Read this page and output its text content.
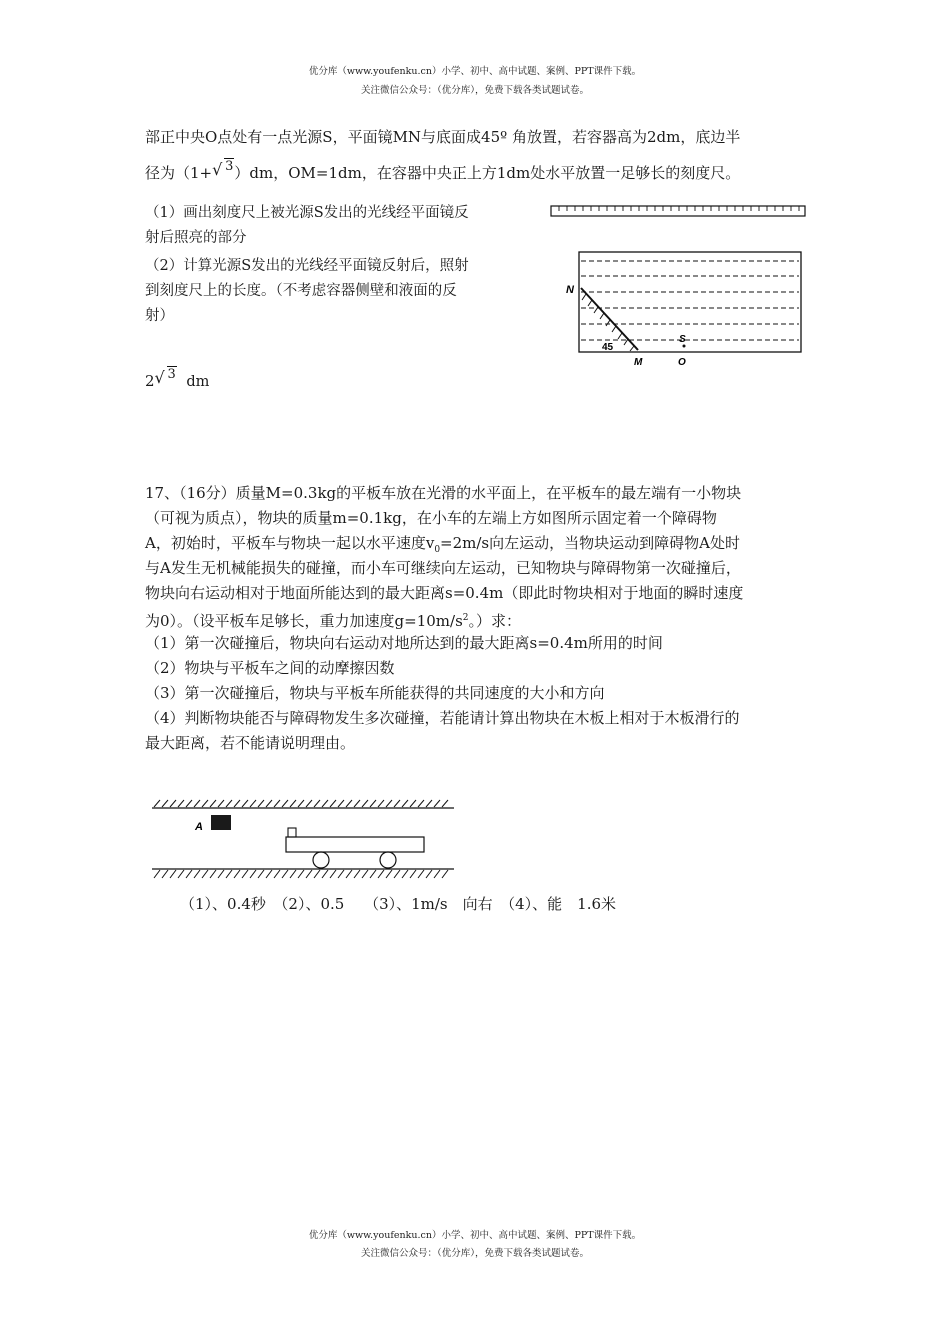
优分库（www.youfenku.cn）小学、初中、高中试题、案例、PPT课件下载。
关注微信公众号：（优分库），免费下载各类试题试卷。
部正中央O点处有一点光源S，平面镜MN与底面成45º 角放置，若容器高为2dm，底边半
径为（1+ √ 3）dm，OM=1dm，在容器中央正上方1dm处水平放置一足够长的刻度尺。
（1）画出刻度尺上被光源S发出的光线经平面镜反
射后照亮的部分
（2）计算光源S发出的光线经平面镜反射后，照射
到刻度尺上的长度。（不考虑容器侧壁和液面的反
射）
2 √ 3 dm
N
45
S
M	O
17、（16分）质量M=0.3kg的平板车放在光滑的水平面上，在平板车的最左端有一小物块
（可视为质点），物块的质量m=0.1kg，在小车的左端上方如图所示固定着一个障碍物
A，初始时，平板车与物块一起以水平速度$v_0=2m/s$向左运动，当物块运动到障碍物A处时
与A发生无机械能损失的碰撞，而小车可继续向左运动，已知物块与障碍物第一次碰撞后，
物块向右运动相对于地面所能达到的最大距离s=0.4m（即此时物块相对于地面的瞬时速度
为0）。（设平板车足够长，重力加速度$g=10m/s^2$。）求：
（1）第一次碰撞后，物块向右运动对地所达到的最大距离s=0.4m所用的时间
（2）物块与平板车之间的动摩擦因数
（3）第一次碰撞后，物块与平板车所能获得的共同速度的大小和方向
（4）判断物块能否与障碍物发生多次碰撞，若能请计算出物块在木板上相对于木板滑行的
最大距离，若不能请说明理由。
A
（1）、0.4秒　（2）、0.5　 （3）、1m/s　向右　（4）、能　1.6米
优分库（www.youfenku.cn）小学、初中、高中试题、案例、PPT课件下载。
关注微信公众号：（优分库），免费下载各类试题试卷。
